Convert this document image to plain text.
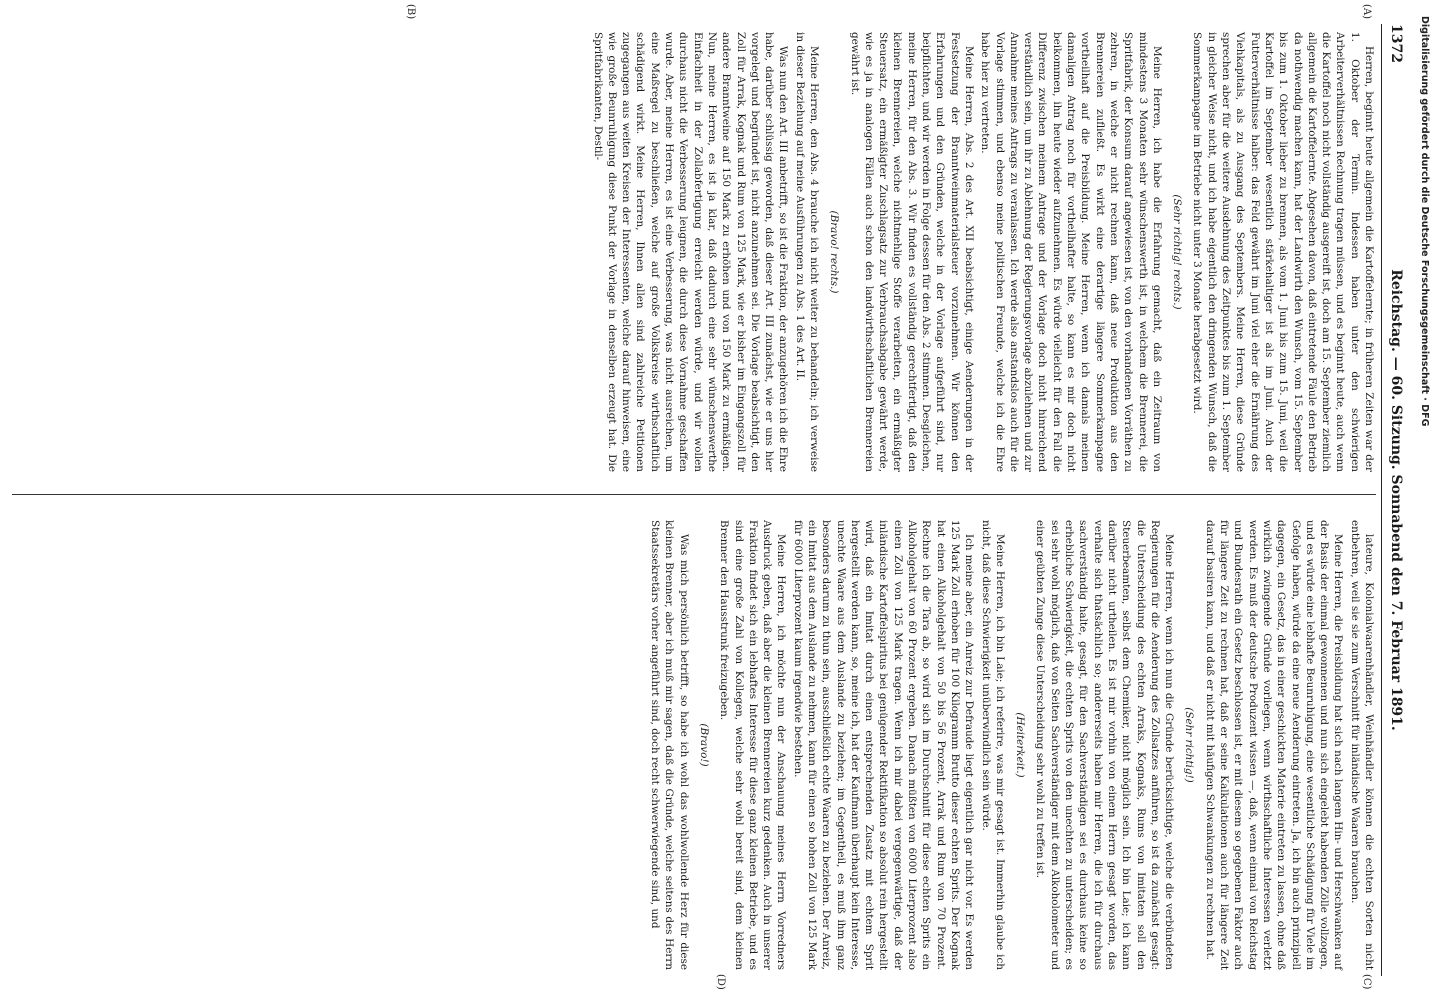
1372
Reichstag. — 60. Sitzung. Sonnabend den 7. Februar 1891.
(A)
(B)
(C)
(D)

Herren, beginnt heute allgemein die Kartoffelernte; in früheren Zeiten war der 1. Oktober der Termin. Indessen haben unter den schwierigen Arbeiterverhältnissen Rechnung tragen müssen, und es beginnt heute, auch wenn die Kartoffel noch nicht vollständig ausgereift ist, doch am 15. September ziemlich allgemein die Kartoffelernte. Abgesehen davon, daß eintretende Fäule den Betrieb da nothwendig machen kann, hat der Landwirth den Wunsch, vom 15. September bis zum 1. Oktober lieber zu brennen, als vom 1. Juni bis zum 15. Juni, weil die Kartoffel im September wesentlich stärkehaltiger ist als im Juni. Auch der Futterverhältnisse halber: das Feld gewährt im Juni viel eher die Ernährung des Viehkapitals, als zu Ausgang des Septembers. Meine Herren, diese Gründe sprechen aber für die weitere Ausdehnung des Zeitpunktes bis zum 1. September in gleicher Weise nicht, und ich habe eigentlich den dringenden Wunsch, daß die Sommerkampagne im Betriebe nicht unter 3 Monate herabgesetzt wird.

(Sehr richtig! rechts.)

Meine Herren, ich habe die Erfahrung gemacht, daß ein Zeitraum von mindestens 3 Monaten sehr wünschenswerth ist, in welchem die Brennerei, die Spritfabrik, der Konsum darauf angewiesen ist, von den vorhandenen Vorräthen zu zehren, in welche er nicht rechnen kann, daß neue Produktion aus den Brennereien zufließt. Es wirkt eine derartige längere Sommerkampagne vortheilhaft auf die Preisbildung. Meine Herren, wenn ich damals meinen damaligen Antrag noch für vortheilhafter halte, so kann es mir doch nicht beikommen, ihn heute wieder aufzunehmen. Es würde vielleicht für den Fall die Differenz zwischen meinem Antrage und der Vorlage doch nicht hinreichend verständlich sein, um ihr zu Ablehnung der Regierungsvorlage abzulehnen und zur Annahme meines Antrags zu veranlassen. Ich werde also anstandslos auch für die Vorlage stimmen, und ebenso meine politischen Freunde, welche ich die Ehre habe hier zu vertreten.

Meine Herren, Abs. 2 des Art. XII beabsichtigt, einige Aenderungen in der Festsetzung der Branntweinmaterialsteuer vorzunehmen. Wir können den Erfahrungen und den Gründen, welche in der Vorlage aufgeführt sind, nur beipflichten, und wir werden in Folge dessen für den Abs. 2 stimmen. Desgleichen, meine Herren, für den Abs. 3. Wir finden es vollständig gerechtfertigt, daß den kleinen Brennereien, welche nichtmehlige Stoffe verarbeiten, ein ermäßigter Steuersatz, ein ermäßigter Zuschlagsatz zur Verbrauchsabgabe gewährt werde, wie es ja in analogen Fällen auch schon den landwirthschaftlichen Brennereien gewährt ist.

(Bravo! rechts.)

Meine Herren, den Abs. 4 brauche ich nicht weiter zu behandeln; ich verweise in dieser Beziehung auf meine Ausführungen zu Abs. 1 des Art. II.

Was nun den Art. III anbetrifft, so ist die Fraktion, der anzugehören ich die Ehre habe, darüber schlüssig geworden, daß dieser Art. III zunächst, wie er uns hier vorgelegt und begründet ist, nicht anzunehmen sei. Die Vorlage beabsichtigt, den Zoll für Arrak, Kognak und Rum von 125 Mark, wie er bisher im Eingangszoll für andere Branntweine auf 150 Mark zu erhöhen und von 150 Mark zu ermäßigen. Nun, meine Herren, es ist ja klar, daß dadurch eine sehr wünschenswerthe Einfachheit in der Zollabfertigung erreicht werden würde, und wir wollen durchaus nicht die Verbesserung leugnen, die durch diese Vornahme geschaffen wurde. Aber, meine Herren, es ist eine Verbesserung, was nicht ausreichen, um eine Maßregel zu beschließen, welche auf große Volkskreise wirthschaftlich schädigend wirkt. Meine Herren, Ihnen allen sind zahlreiche Petitionen zugegangen aus weiten Kreisen der Interessenten, welche darauf hinweisen, eine wie große Beunruhigung diese Punkt der Vorlage in denselben erzeugt hat. Die Spritfabrikanten, Destil-

lateure, Kolonialwaarenhändler, Weinhändler können die echten Sorten nicht entbehren, weil sie sie zum Verschnitt für inländische Waaren brauchen.

Meine Herren, die Preisbildung hat sich nach langem Hin- und Herschwanken auf der Basis der einmal gewonnenen und nun sich eingelebt habenden Zölle vollzogen, und es würde eine lebhafte Beunruhigung, eine wesentliche Schädigung für Viele im Gefolge haben, würde da eine neue Aenderung eintreten. Ja, ich bin auch prinzipiell dagegen, ein Gesetz, das in einer geschickten Materie eintreten zu lassen, ohne daß wirklich zwingende Gründe vorliegen, wenn wirthschaftliche Interessen verletzt werden. Es muß der deutsche Produzent wissen —, daß, wenn einmal von Reichstag und Bundesrath ein Gesetz beschlossen ist, er mit diesem so gegebenen Faktor auch für längere Zeit zu rechnen hat, daß er seine Kalkulationen auch für längere Zeit darauf basiren kann, und daß er nicht mit häufigen Schwankungen zu rechnen hat.

(Sehr richtig!)

Meine Herren, wenn ich nun die Gründe berücksichtige, welche die verbündeten Regierungen für die Aenderung des Zollsatzes anführen, so ist da zunächst gesagt: die Unterscheidung des echten Arraks, Kognaks, Rums von Imitaten soll den Steuerbeamten, selbst dem Chemiker, nicht möglich sein. Ich bin Laie; ich kann darüber nicht urtheilen. Es ist mir vorhin von einem Herrn gesagt worden, das verhalte sich thatsächlich so; andererseits haben mir Herren, die ich für durchaus sachverständig halte, gesagt, für den Sachverständigen sei es durchaus keine so erhebliche Schwierigkeit, die echten Sprits von den unechten zu unterscheiden; es sei sehr wohl möglich, daß von Seiten Sachverständiger mit dem Alkoholometer und einer geübten Zunge diese Unterscheidung sehr wohl zu treffen ist.

(Heiterkeit.)

Meine Herren, ich bin Laie; ich referire, was mir gesagt ist. Immerhin glaube ich nicht, daß diese Schwierigkeit unüberwindlich sein würde.

Ich meine aber, ein Anreiz zur Defraude liegt eigentlich gar nicht vor. Es werden 125 Mark Zoll erhoben für 100 Kilogramm Brutto dieser echten Sprits. Der Kognak hat einen Alkoholgehalt von 50 bis 56 Prozent, Arrak und Rum von 70 Prozent. Rechne ich die Tara ab, so wird sich im Durchschnitt für diese echten Sprits ein Alkoholgehalt von 60 Prozent ergeben. Danach müßten von 6000 Literprozent also einen Zoll von 125 Mark tragen. Wenn ich mir dabei vergegenwärtige, daß der inländische Kartoffelspiritus bei genügender Rektifikation so absolut rein hergestellt wird, daß ein Imitat durch einen entsprechenden Zusatz mit echtem Sprit hergestellt werden kann, so, meine ich, hat der Kaufmann überhaupt kein Interesse, unechte Waare aus dem Auslande zu beziehen; im Gegentheil, es muß ihm ganz besonders darum zu thun sein, ausschließlich echte Waaren zu beziehen. Der Anreiz, ein Imitat aus dem Auslande zu nehmen, kann für einen so hohen Zoll von 125 Mark für 6000 Literprozent kaum irgendwie bestehen.

Meine Herren, ich möchte nun der Anschauung meines Herrn Vorredners Ausdruck geben, daß aber die kleinen Brennereien kurz gedenken. Auch in unserer Fraktion findet sich ein lebhaftes Interesse für diese ganz kleinen Betriebe, und es sind eine große Zahl von Kollegen, welche sehr wohl bereit sind, dem kleinen Brenner den Hausstrunk freizugeben.

(Bravo!)

Was mich persönlich betrifft, so habe ich wohl das wohlwollende Herz für diese kleinen Brenner, aber ich muß mir sagen, daß die Gründe, welche seitens des Herrn Staatssekretärs vorher angeführt sind, doch recht schwerwiegende sind, und

Digitalisierung gefördert durch die Deutsche Forschungsgemeinschaft · DFG
